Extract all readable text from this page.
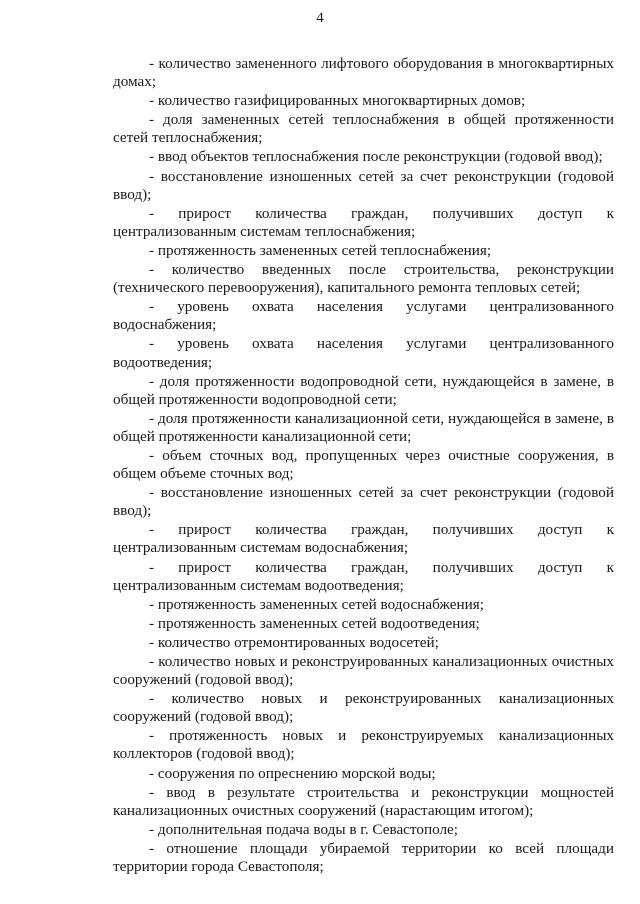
4

- количество замененного лифтового оборудования в многоквартирных домах;

- количество газифицированных многоквартирных домов;

- доля замененных сетей теплоснабжения в общей протяженности сетей теплоснабжения;

- ввод объектов теплоснабжения после реконструкции (годовой ввод);

- восстановление изношенных сетей за счет реконструкции (годовой ввод);

- прирост количества граждан, получивших доступ к централизованным системам теплоснабжения;

- протяженность замененных сетей теплоснабжения;

- количество введенных после строительства, реконструкции (технического перевооружения), капитального ремонта тепловых сетей;

- уровень охвата населения услугами централизованного водоснабжения;

- уровень охвата населения услугами централизованного водоотведения;

- доля протяженности водопроводной сети, нуждающейся в замене, в общей протяженности водопроводной сети;

- доля протяженности канализационной сети, нуждающейся в замене, в общей протяженности канализационной сети;

- объем сточных вод, пропущенных через очистные сооружения, в общем объеме сточных вод;

- восстановление изношенных сетей за счет реконструкции (годовой ввод);

- прирост количества граждан, получивших доступ к централизованным системам водоснабжения;

- прирост количества граждан, получивших доступ к централизованным системам водоотведения;

- протяженность замененных сетей водоснабжения;

- протяженность замененных сетей водоотведения;

- количество отремонтированных водосетей;

- количество новых и реконструированных канализационных очистных сооружений (годовой ввод);

- количество новых и реконструированных канализационных сооружений (годовой ввод);

- протяженность новых и реконструируемых канализационных коллекторов (годовой ввод);

- сооружения по опреснению морской воды;

- ввод в результате строительства и реконструкции мощностей канализационных очистных сооружений (нарастающим итогом);

- дополнительная подача воды в г. Севастополе;

- отношение площади убираемой территории ко всей площади территории города Севастополя;
